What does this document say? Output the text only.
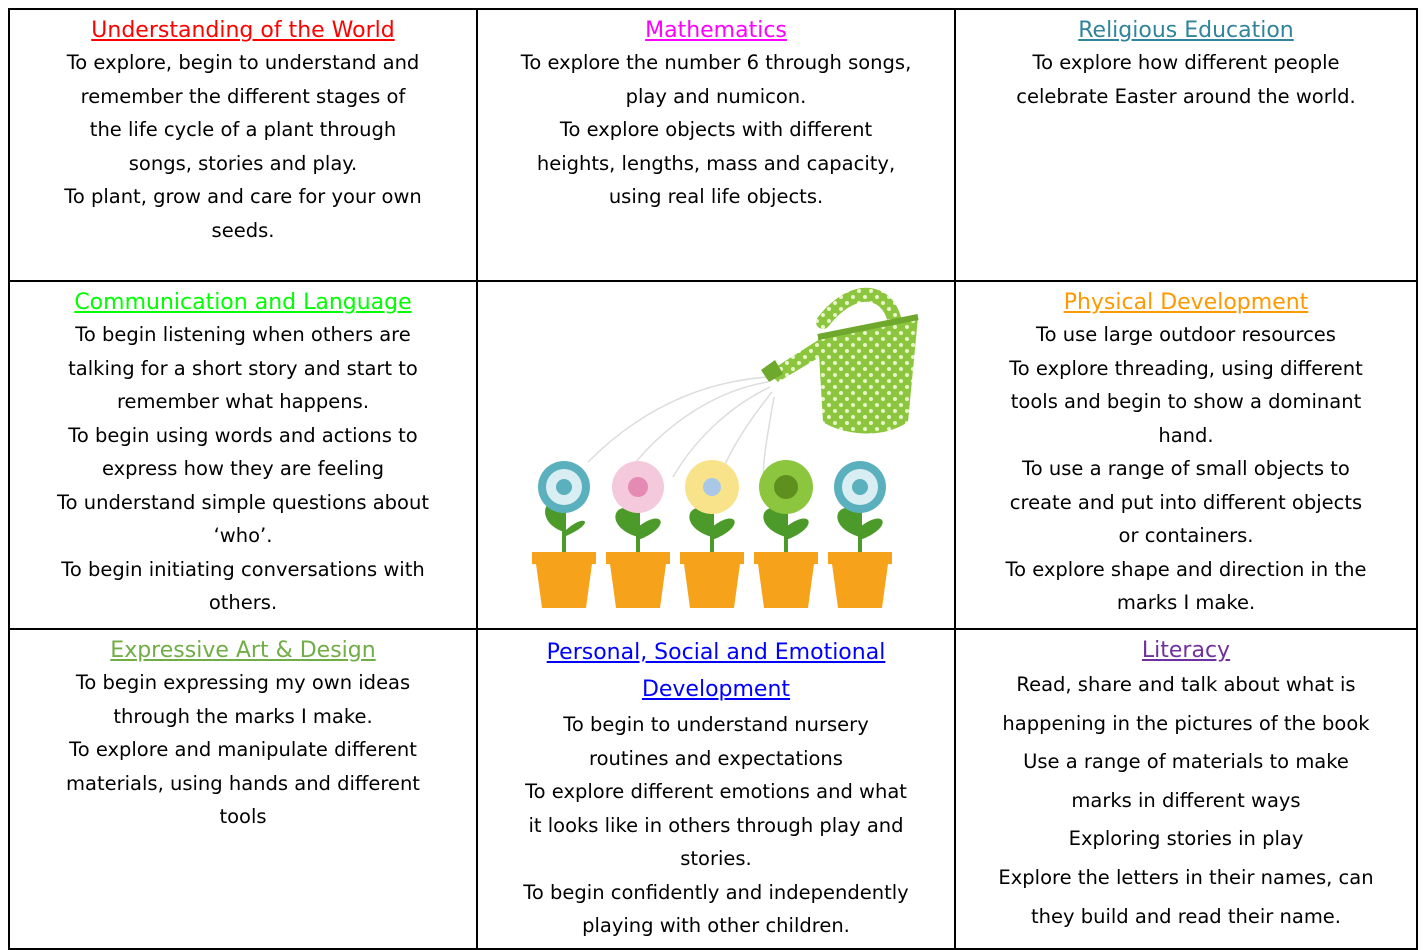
Understanding of the World

To explore, begin to understand and

remember the different stages of

the life cycle of a plant through

songs, stories and play.

To plant, grow and care for your own

seeds.

Mathematics

To explore the number 6 through songs,

play and numicon.

To explore objects with different

heights, lengths, mass and capacity,

using real life objects.

Religious Education

To explore how different people

celebrate Easter around the world.

Communication and Language

To begin listening when others are

talking for a short story and start to

remember what happens.

To begin using words and actions to

express how they are feeling

To understand simple questions about

‘who’.

To begin initiating conversations with

others.

Physical Development

To use large outdoor resources

To explore threading, using different

tools and begin to show a dominant

hand.

To use a range of small objects to

create and put into different objects

or containers.

To explore shape and direction in the

marks I make.

Expressive Art & Design

To begin expressing my own ideas

through the marks I make.

To explore and manipulate different

materials, using hands and different

tools

Personal, Social and Emotional
Development

To begin to understand nursery

routines and expectations

To explore different emotions and what

it looks like in others through play and

stories.

To begin confidently and independently

playing with other children.

Literacy

Read, share and talk about what is

happening in the pictures of the book

Use a range of materials to make

marks in different ways

Exploring stories in play

Explore the letters in their names, can

they build and read their name.
